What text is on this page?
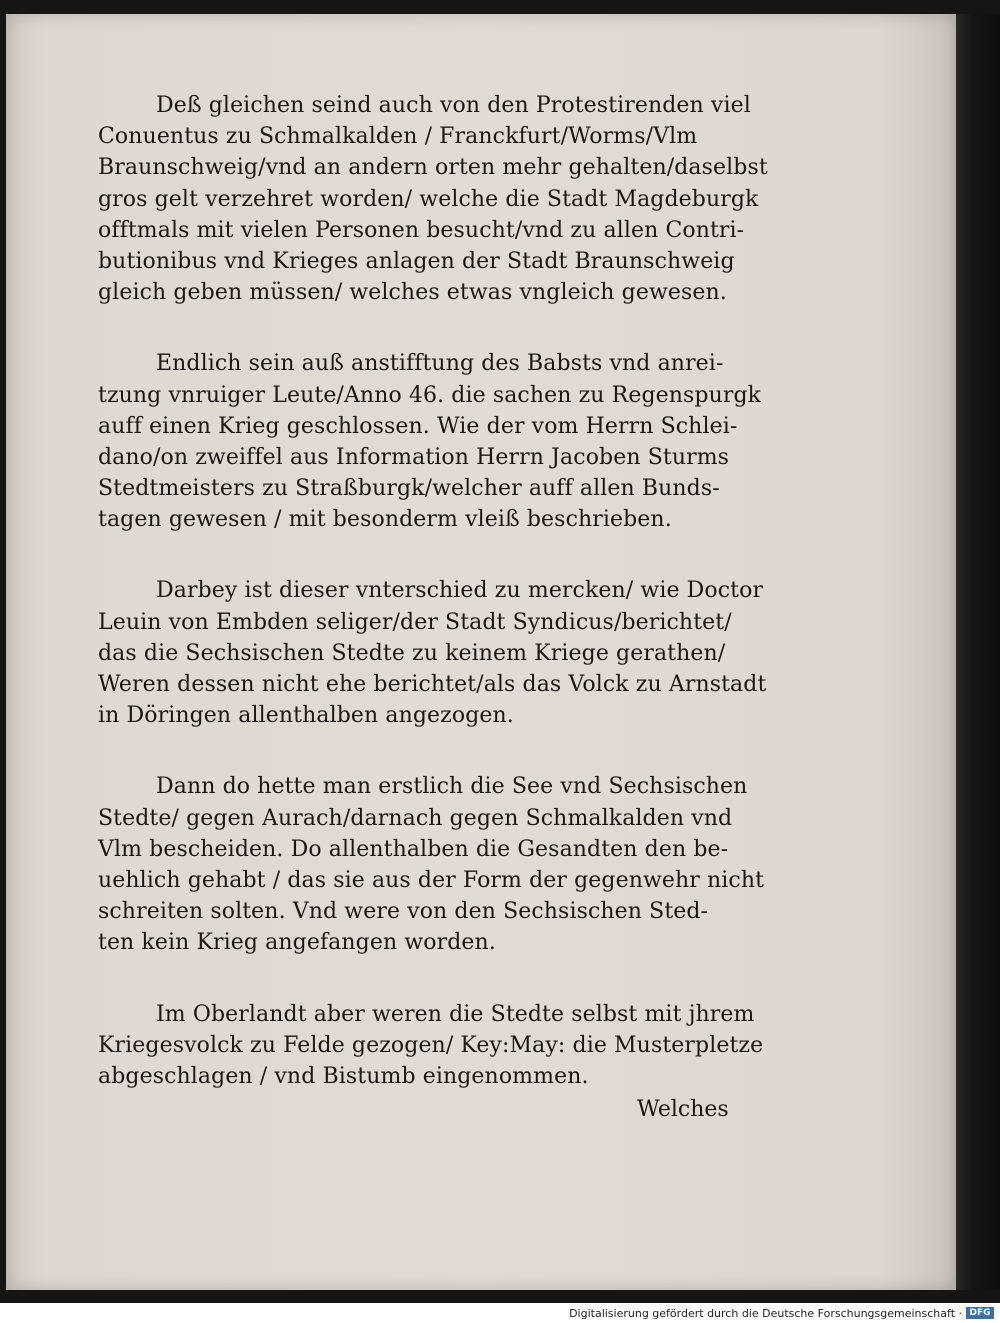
Deß gleichen seind auch von den Protestirenden viel
Conuentus zu Schmalkalden / Franckfurt/Worms/Vlm
Braunschweig/vnd an andern orten mehr gehalten/daselbst
gros gelt verzehret worden/ welche die Stadt Magdeburgk
offtmals mit vielen Personen besucht/vnd zu allen Contri-
butionibus vnd Krieges anlagen der Stadt Braunschweig
gleich geben müssen/ welches etwas vngleich gewesen.
Endlich sein auß anstifftung des Babsts vnd anrei-
tzung vnruiger Leute/Anno 46. die sachen zu Regenspurgk
auff einen Krieg geschlossen. Wie der vom Herrn Schlei-
dano/on zweiffel aus Information Herrn Jacoben Sturms
Stedtmeisters zu Straßburgk/welcher auff allen Bunds-
tagen gewesen / mit besonderm vleiß beschrieben.
Darbey ist dieser vnterschied zu mercken/ wie Doctor
Leuin von Embden seliger/der Stadt Syndicus/berichtet/
das die Sechsischen Stedte zu keinem Kriege gerathen/
Weren dessen nicht ehe berichtet/als das Volck zu Arnstadt
in Döringen allenthalben angezogen.
Dann do hette man erstlich die See vnd Sechsischen
Stedte/ gegen Aurach/darnach gegen Schmalkalden vnd
Vlm bescheiden. Do allenthalben die Gesandten den be-
uehlich gehabt / das sie aus der Form der gegenwehr nicht
schreiten solten. Vnd were von den Sechsischen Sted-
ten kein Krieg angefangen worden.
Im Oberlandt aber weren die Stedte selbst mit jhrem
Kriegesvolck zu Felde gezogen/ Key:May: die Musterpletze
abgeschlagen / vnd Bistumb eingenommen.
Welches
Digitalisierung gefördert durch die Deutsche Forschungsgemeinschaft · DFG
